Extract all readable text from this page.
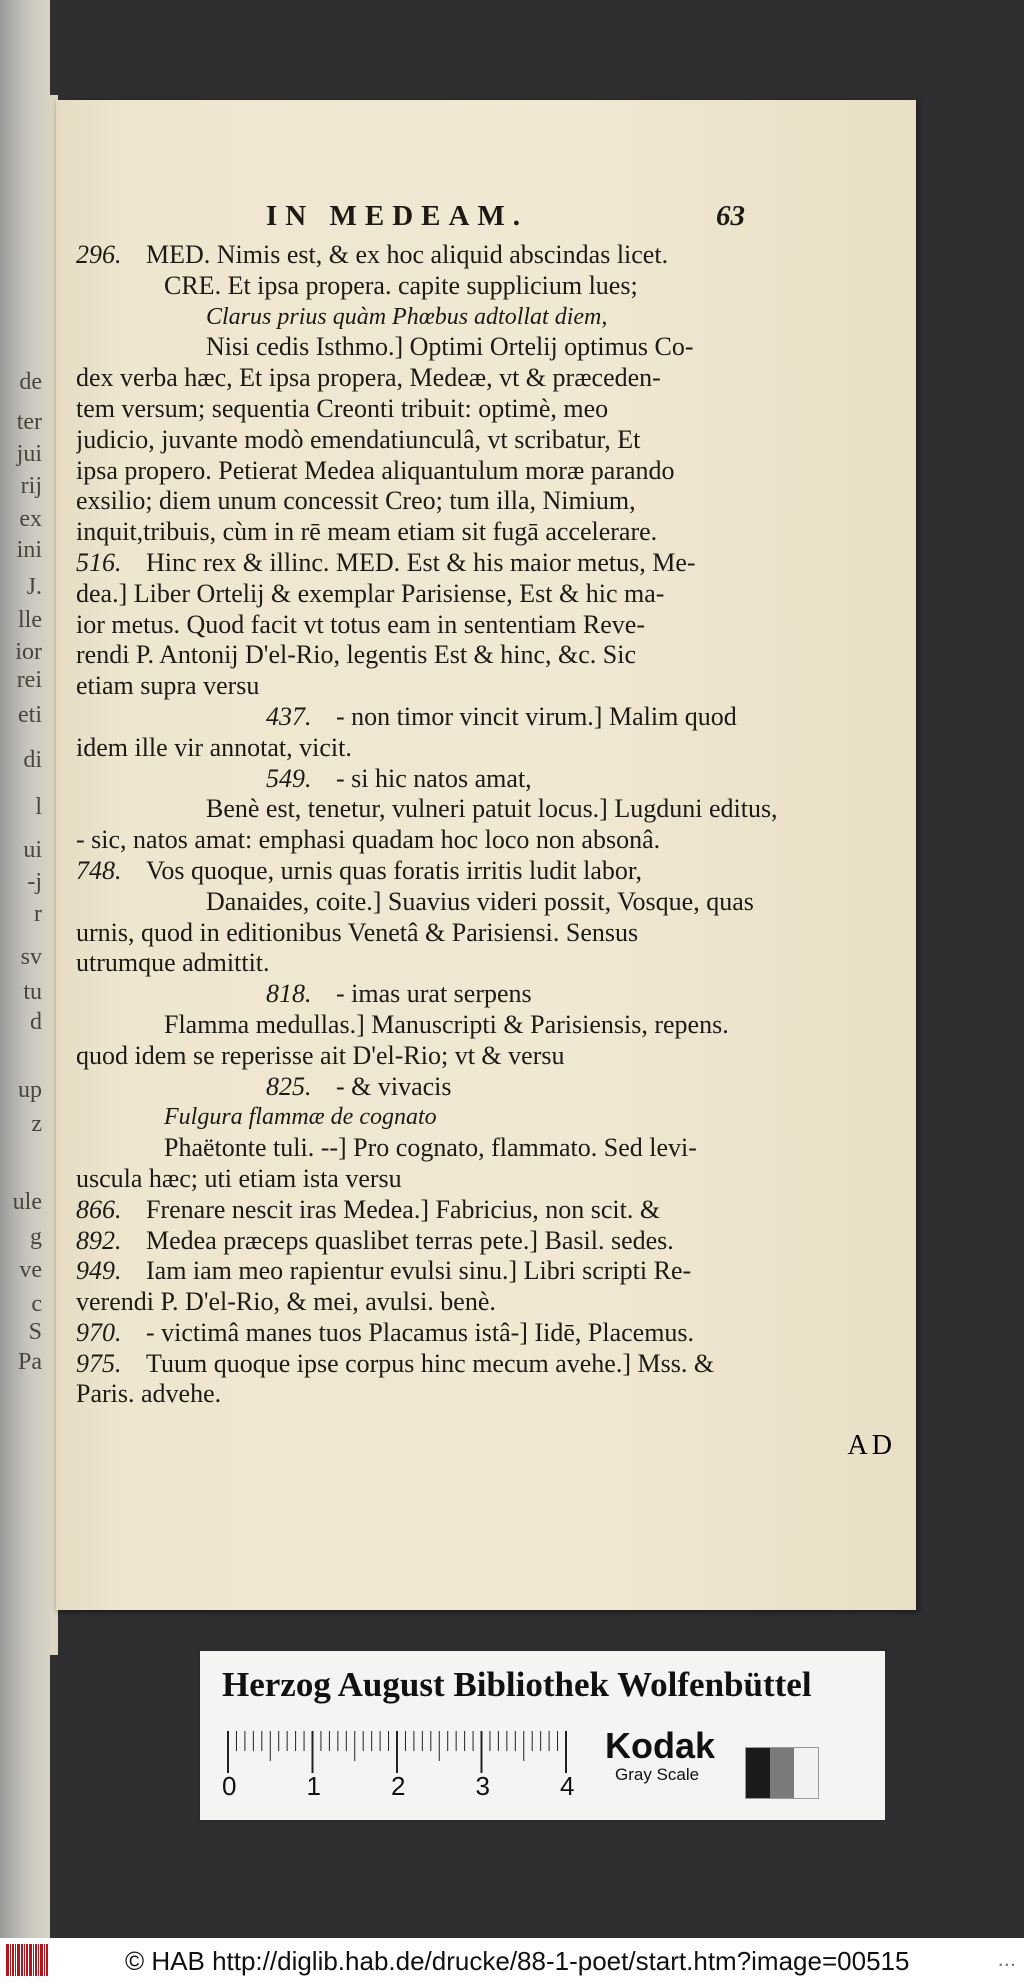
de
ter
jui
rij
ex
ini
J.
lle
ior
rei
eti
di
l
ui
-j
r
sv
tu
d
up
z
ule
g
ve
c
S
Pa
IN MEDEAM.	63
296. MED. Nimis est, & ex hoc aliquid abscindas licet.
CRE. Et ipsa propera. capite supplicium lues;
Clarus prius quàm Phœbus adtollat diem,
Nisi cedis Isthmo.] Optimi Ortelij optimus Co-
dex verba hæc, Et ipsa propera, Medeæ, vt & præceden-
tem versum; sequentia Creonti tribuit: optimè, meo
judicio, juvante modò emendatiunculâ, vt scribatur, Et
ipsa propero. Petierat Medea aliquantulum moræ parando
exsilio; diem unum concessit Creo; tum illa, Nimium,
inquit,tribuis, cùm in rē meam etiam sit fugā accelerare.
516. Hinc rex & illinc. MED. Est & his maior metus, Me-
dea.] Liber Ortelij & exemplar Parisiense, Est & hic ma-
ior metus. Quod facit vt totus eam in sententiam Reve-
rendi P. Antonij D'el-Rio, legentis Est & hinc, &c. Sic
etiam supra versu
437. - non timor vincit virum.] Malim quod
idem ille vir annotat, vicit.
549. - si hic natos amat,
Benè est, tenetur, vulneri patuit locus.] Lugduni editus,
- sic, natos amat: emphasi quadam hoc loco non absonâ.
748. Vos quoque, urnis quas foratis irritis ludit labor,
Danaides, coite.] Suavius videri possit, Vosque, quas
urnis, quod in editionibus Venetâ & Parisiensi. Sensus
utrumque admittit.
818. - imas urat serpens
Flamma medullas.] Manuscripti & Parisiensis, repens.
quod idem se reperisse ait D'el-Rio; vt & versu
825. - & vivacis
Fulgura flammæ de cognato
Phaëtonte tuli. --] Pro cognato, flammato. Sed levi-
uscula hæc; uti etiam ista versu
866. Frenare nescit iras Medea.] Fabricius, non scit. &
892. Medea præceps quaslibet terras pete.] Basil. sedes.
949. Iam iam meo rapientur evulsi sinu.] Libri scripti Re-
verendi P. D'el-Rio, & mei, avulsi. benè.
970. - victimâ manes tuos Placamus istâ-] Iidē, Placemus.
975. Tuum quoque ipse corpus hinc mecum avehe.] Mss. &
Paris. advehe.
AD
Herzog August Bibliothek Wolfenbüttel
0	1	2	3	4
Kodak
Gray Scale
© HAB http://diglib.hab.de/drucke/88-1-poet/start.htm?image=00515	...
